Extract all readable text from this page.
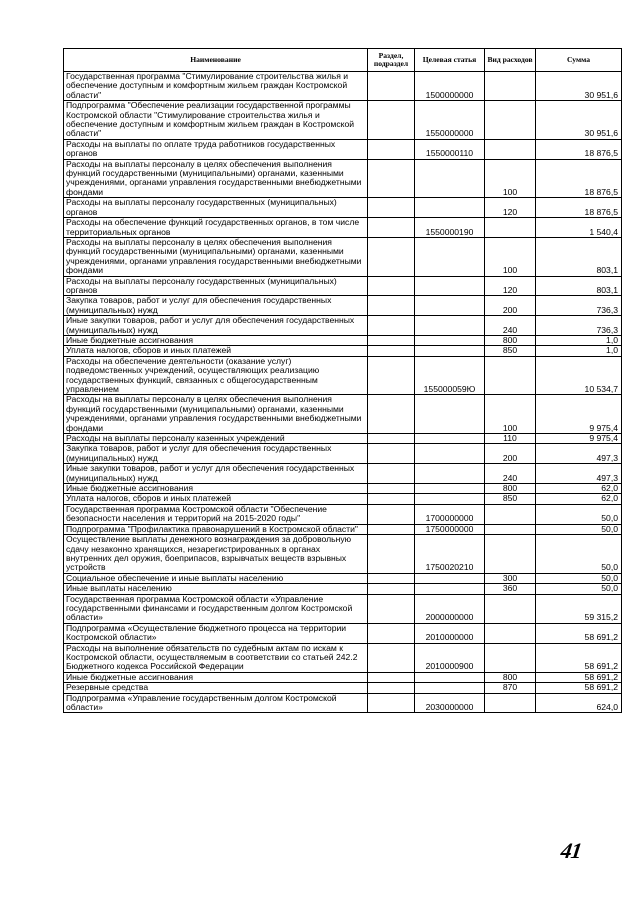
Наименование	Раздел, подраздел	Целевая статья	Вид расходов	Сумма
Государственная программа "Стимулирование строительства жилья и обеспечение доступным и комфортным жильем граждан Костромской области"		1500000000		30 951,6
Подпрограмма "Обеспечение реализации государственной программы Костромской области "Стимулирование строительства жилья и обеспечение доступным и комфортным жильем граждан в Костромской области"		1550000000		30 951,6
Расходы на выплаты по оплате труда работников государственных органов		1550000110		18 876,5
Расходы на выплаты персоналу в целях обеспечения выполнения функций государственными (муниципальными) органами, казенными учреждениями, органами управления государственными внебюджетными фондами			100	18 876,5
Расходы на выплаты персоналу государственных (муниципальных) органов			120	18 876,5
Расходы на обеспечение функций государственных органов, в том числе территориальных органов		1550000190		1 540,4
Расходы на выплаты персоналу в целях обеспечения выполнения функций государственными (муниципальными) органами, казенными учреждениями, органами управления государственными внебюджетными фондами			100	803,1
Расходы на выплаты персоналу государственных (муниципальных) органов			120	803,1
Закупка товаров, работ и услуг для обеспечения государственных (муниципальных) нужд			200	736,3
Иные закупки товаров, работ и услуг для обеспечения государственных (муниципальных) нужд			240	736,3
Иные бюджетные ассигнования			800	1,0
Уплата налогов, сборов и иных платежей			850	1,0
Расходы на обеспечение деятельности (оказание услуг) подведомственных учреждений, осуществляющих реализацию государственных функций, связанных с общегосударственным управлением		155000059Ю		10 534,7
Расходы на выплаты персоналу в целях обеспечения выполнения функций государственными (муниципальными) органами, казенными учреждениями, органами управления государственными внебюджетными фондами			100	9 975,4
Расходы на выплаты персоналу казенных учреждений			110	9 975,4
Закупка товаров, работ и услуг для обеспечения государственных (муниципальных) нужд			200	497,3
Иные закупки товаров, работ и услуг для обеспечения государственных (муниципальных) нужд			240	497,3
Иные бюджетные ассигнования			800	62,0
Уплата налогов, сборов и иных платежей			850	62,0
Государственная программа Костромской области "Обеспечение безопасности населения и территорий на 2015-2020 годы"		1700000000		50,0
Подпрограмма "Профилактика правонарушений в Костромской области"		1750000000		50,0
Осуществление выплаты денежного вознаграждения за добровольную сдачу незаконно хранящихся, незарегистрированных в органах внутренних дел оружия, боеприпасов, взрывчатых веществ взрывных устройств		1750020210		50,0
Социальное обеспечение и иные выплаты населению			300	50,0
Иные выплаты населению			360	50,0
Государственная программа Костромской области «Управление государственными финансами и государственным долгом Костромской области»		2000000000		59 315,2
Подпрограмма «Осуществление бюджетного процесса на территории Костромской области»		2010000000		58 691,2
Расходы на выполнение обязательств по судебным актам по искам к Костромской области, осуществляемым в соответствии со статьей 242.2 Бюджетного кодекса Российской Федерации		2010000900		58 691,2
Иные бюджетные ассигнования			800	58 691,2
Резервные средства			870	58 691,2
Подпрограмма «Управление государственным долгом Костромской области»		2030000000		624,0
41
